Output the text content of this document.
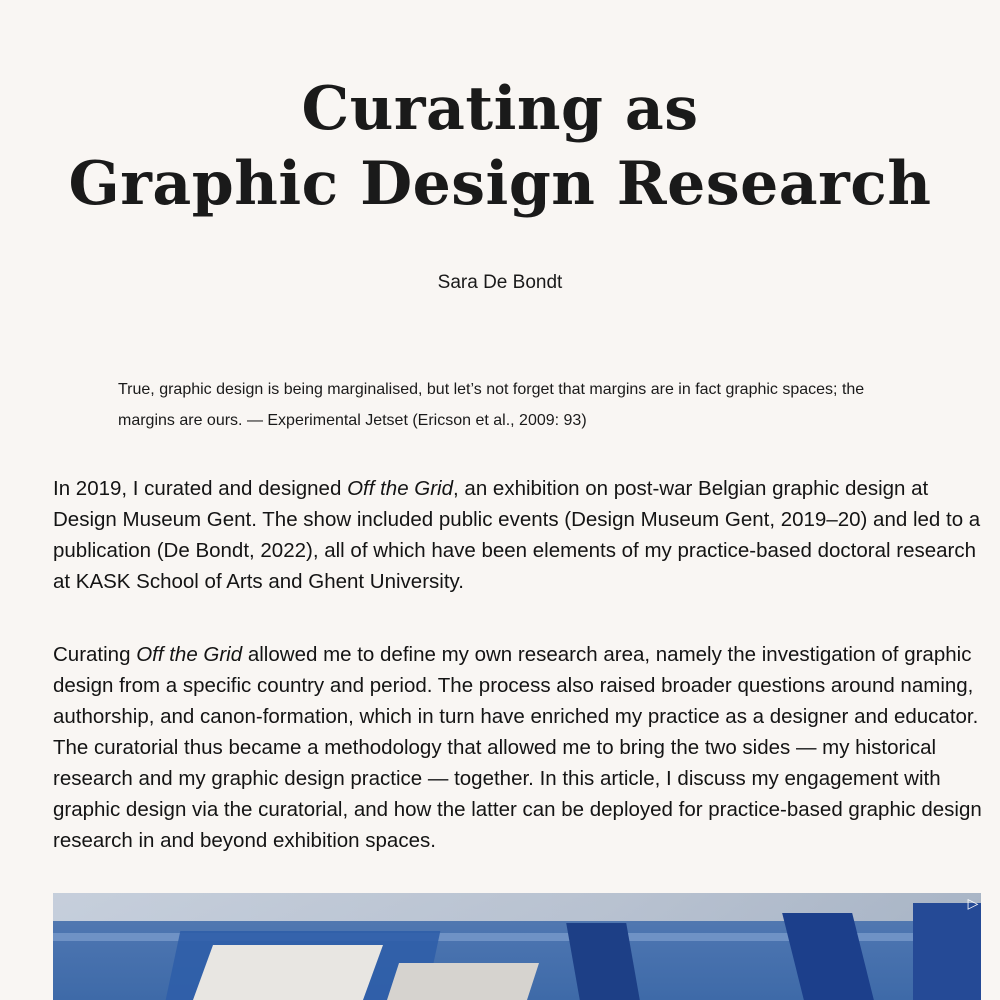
Curating as
Graphic Design Research
Sara De Bondt
True, graphic design is being marginalised, but let’s not forget that margins are in fact graphic spaces; the
margins are ours. — Experimental Jetset (Ericson et al., 2009: 93)

In 2019, I curated and designed Off the Grid, an exhibition on post-war Belgian graphic design at Design Museum Gent. The show included public events (Design Museum Gent, 2019–20) and led to a publication (De Bondt, 2022), all of which have been elements of my practice-based doctoral research at KASK School of Arts and Ghent University.

Curating Off the Grid allowed me to define my own research area, namely the investigation of graphic design from a specific country and period. The process also raised broader questions around naming, authorship, and canon-formation, which in turn have enriched my practice as a designer and educator. The curatorial thus became a methodology that allowed me to bring the two sides — my historical research and my graphic design practice — together. In this article, I discuss my engagement with graphic design via the curatorial, and how the latter can be deployed for practice-based graphic design research in and beyond exhibition spaces.

▷
